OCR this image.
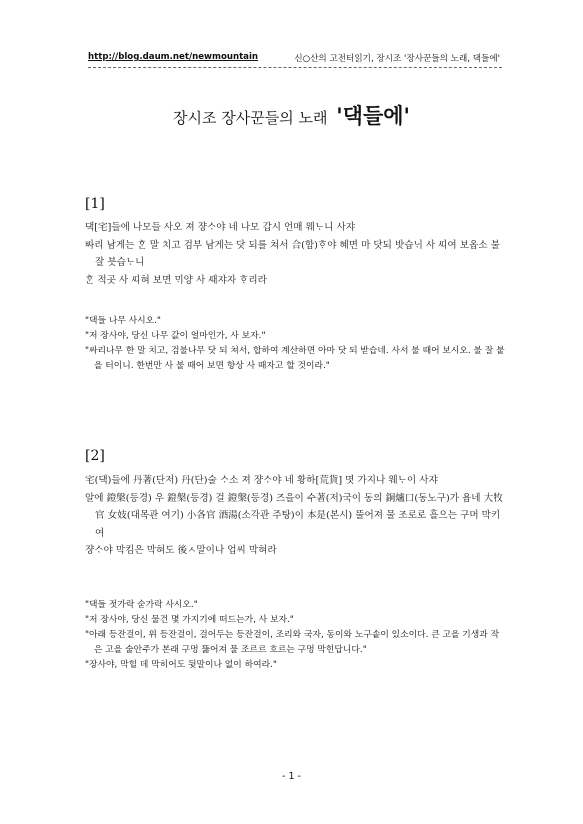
http://blog.daum.net/newmountain	신○산의 고전터읽기, 장시조 '장사꾼들의 노래, 댁들에'
장시조 장사꾼들의 노래 '댁들에'
[1]

댁[宅]들에 나모들 사오 져 쟝ᄉᆞ야 네 나모 갑시 언매 웨ᄂᆞ니 사쟈

ᄡᅡ리 남게는 ᄒᆞᆫ 말 치고 검부 남게는 닷 되를 쳐서 合(합)ᄒᆞ야 혜면 마 닷되 밧습ᄂᆡ 사 ᄯᅵ여 보옵소 불 잘 븟습ᄂᆞ니

ᄒᆞᆫ 적곳 사 ᄯᅵ혀 보면 ᄆᆡ양 사 ᄯᅢ쟈자 ᄒᆞ리라

"댁들 나무 사시오."

"저 장사야, 당신 나무 값이 얼마인가, 사 보자."

"싸리나무 한 말 치고, 검불나무 닷 되 쳐서, 합하여 계산하면 아마 닷 되 받습네. 사서 불 때어 보시오. 불 잘 붙을 터이니. 한번만 사 불 때어 보면 항상 사 때자고 할 것이라."

[2]

宅(댁)들에 丹著(단저) 丹(단)술 ᄉᆞ소 져 쟝ᄉᆞ야 네 황하[荒貨] 몃 가지나 웨ᄂᆞ이 사쟈

알에 鐙槃(등경) 우 鐙槃(등경) 걸 鐙槃(등경) 즈을이 수著(저)국이 동의 銅爐口(동노구)가 욥네 大牧官 女妓(대목관 여기) 小各官 酒湯(소각관 주탕)이 本是(본시) 뚤어져 물 조로로 흘으는 구머 막키여

쟝ᄉᆞ야 막킴은 막혀도 後ㅅ말이나 업씨 막혀라

"댁들 젓가락 숟가락 사시오."

"저 장사야, 당신 물건 몇 가지기에 떠드는가, 사 보자."

"아래 등잔걸이, 위 등잔걸이, 걸어두는 등잔걸이, 조리와 국자, 동이와 노구솥이 있소이다. 큰 고을 기생과 작은 고을 술안주가 본래 구멍 뚫어져 물 조르르 흐르는 구멍 막힌답니다."

"장사야, 막힐 데 막히어도 뒷말이나 없이 하여라."

- 1 -
